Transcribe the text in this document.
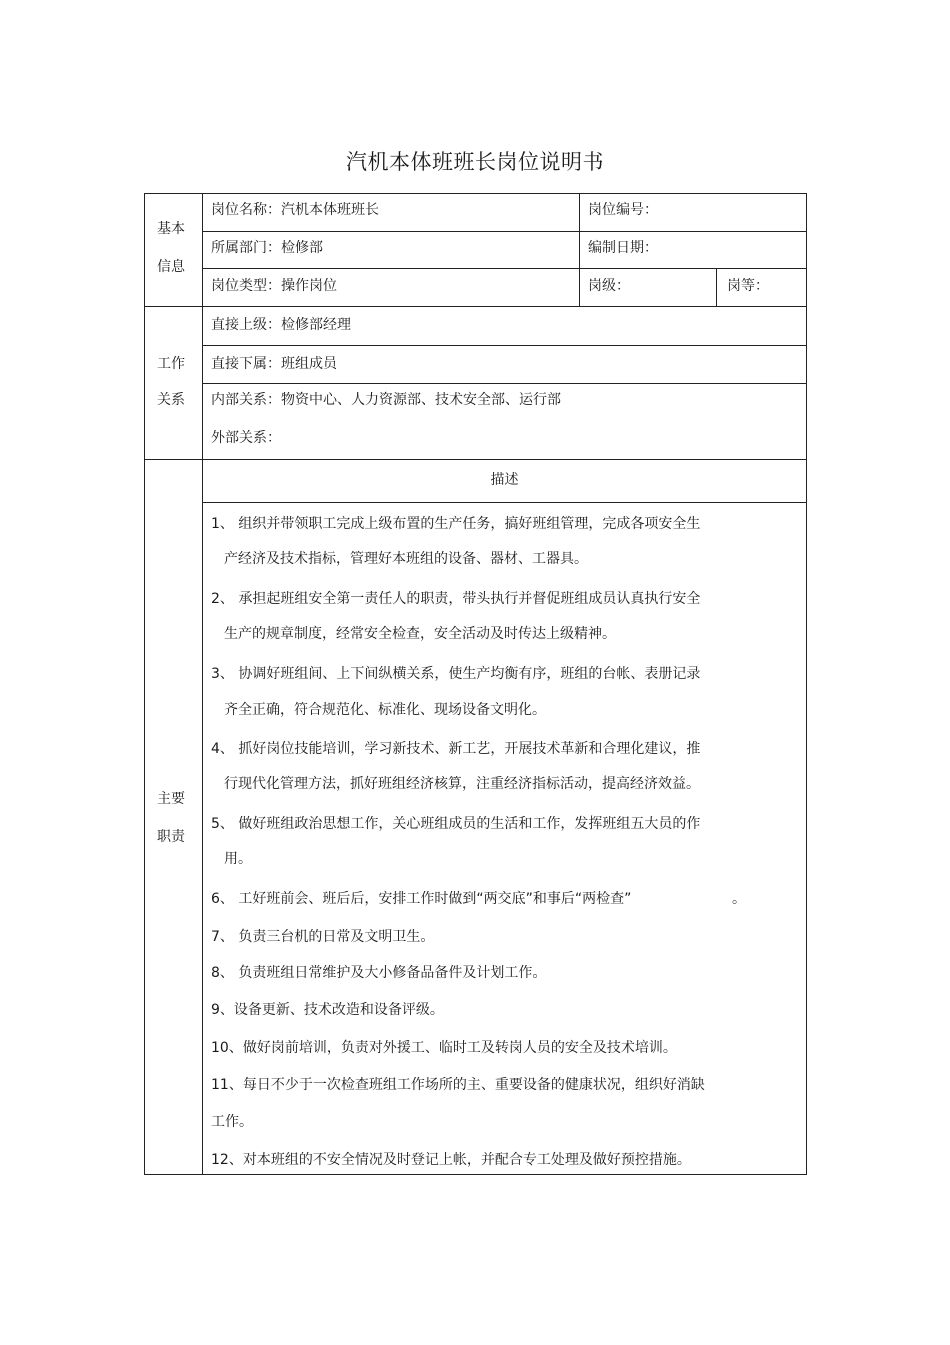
汽机本体班班长岗位说明书
基本
信息
岗位名称：汽机本体班班长	岗位编号：
所属部门：检修部	编制日期：
岗位类型：操作岗位	岗级：	岗等：
工作
关系
直接上级：检修部经理
直接下属：班组成员
内部关系：物资中心、人力资源部、技术安全部、运行部
外部关系：
主要
职责
描述
1、 组织并带领职工完成上级布置的生产任务，搞好班组管理，完成各项安全生
产经济及技术指标，管理好本班组的设备、器材、工器具。
2、 承担起班组安全第一责任人的职责，带头执行并督促班组成员认真执行安全
生产的规章制度，经常安全检查，安全活动及时传达上级精神。
3、 协调好班组间、上下间纵横关系，使生产均衡有序，班组的台帐、表册记录
齐全正确，符合规范化、标准化、现场设备文明化。
4、 抓好岗位技能培训，学习新技术、新工艺，开展技术革新和合理化建议，推
行现代化管理方法，抓好班组经济核算，注重经济指标活动，提高经济效益。
5、 做好班组政治思想工作，关心班组成员的生活和工作，发挥班组五大员的作
用。
6、 工好班前会、班后后，安排工作时做到“两交底”和事后“两检查”	。
7、 负责三台机的日常及文明卫生。
8、 负责班组日常维护及大小修备品备件及计划工作。
9、设备更新、技术改造和设备评级。
10、做好岗前培训，负责对外援工、临时工及转岗人员的安全及技术培训。
11、每日不少于一次检查班组工作场所的主、重要设备的健康状况，组织好消缺
工作。
12、对本班组的不安全情况及时登记上帐，并配合专工处理及做好预控措施。
